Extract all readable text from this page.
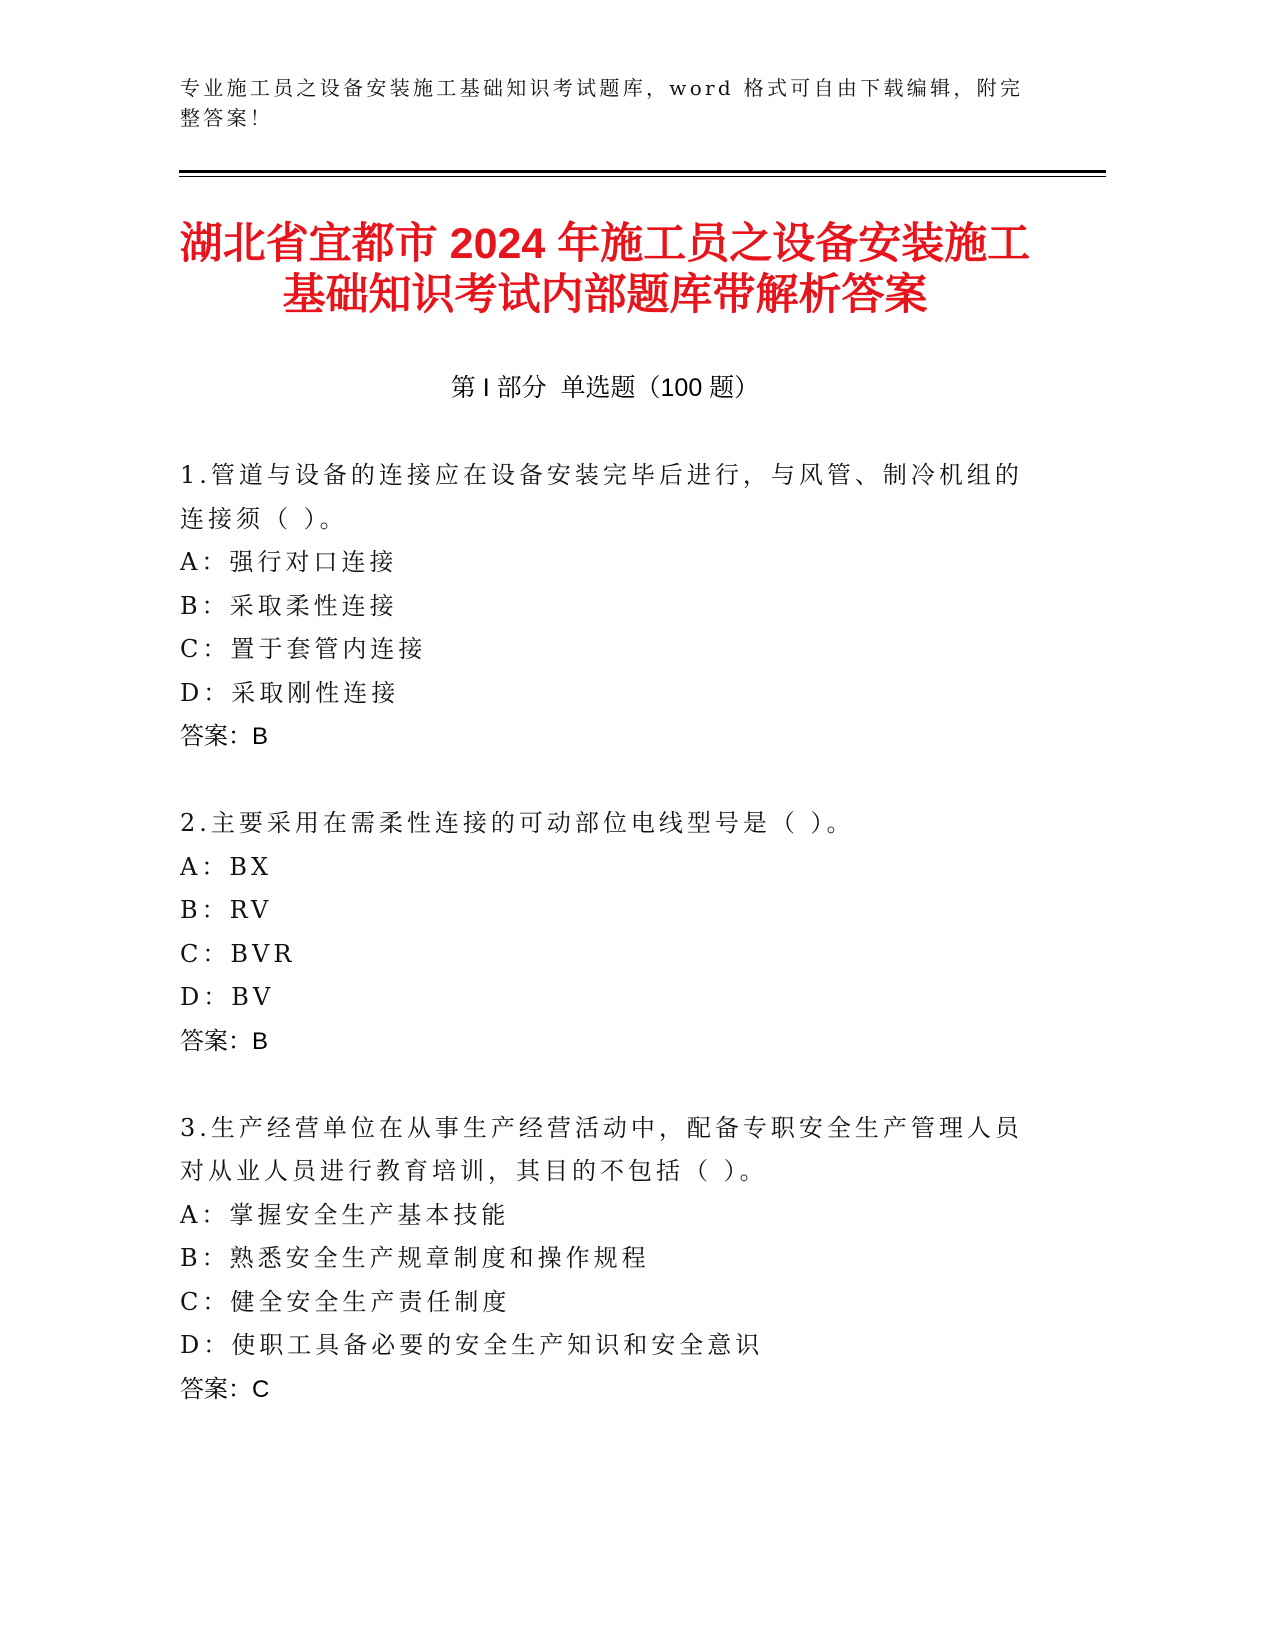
专业施工员之设备安装施工基础知识考试题库，word 格式可自由下载编辑，附完
整答案！
湖北省宜都市 2024 年施工员之设备安装施工
基础知识考试内部题库带解析答案
第 I 部分  单选题（100 题）
1.管道与设备的连接应在设备安装完毕后进行，与风管、制冷机组的
连接须（ ）。
A：强行对口连接
B：采取柔性连接
C：置于套管内连接
D：采取刚性连接
答案：B
2.主要采用在需柔性连接的可动部位电线型号是（ ）。
A：BX
B：RV
C：BVR
D：BV
答案：B
3.生产经营单位在从事生产经营活动中，配备专职安全生产管理人员
对从业人员进行教育培训，其目的不包括（ ）。
A：掌握安全生产基本技能
B：熟悉安全生产规章制度和操作规程
C：健全安全生产责任制度
D：使职工具备必要的安全生产知识和安全意识
答案：C
